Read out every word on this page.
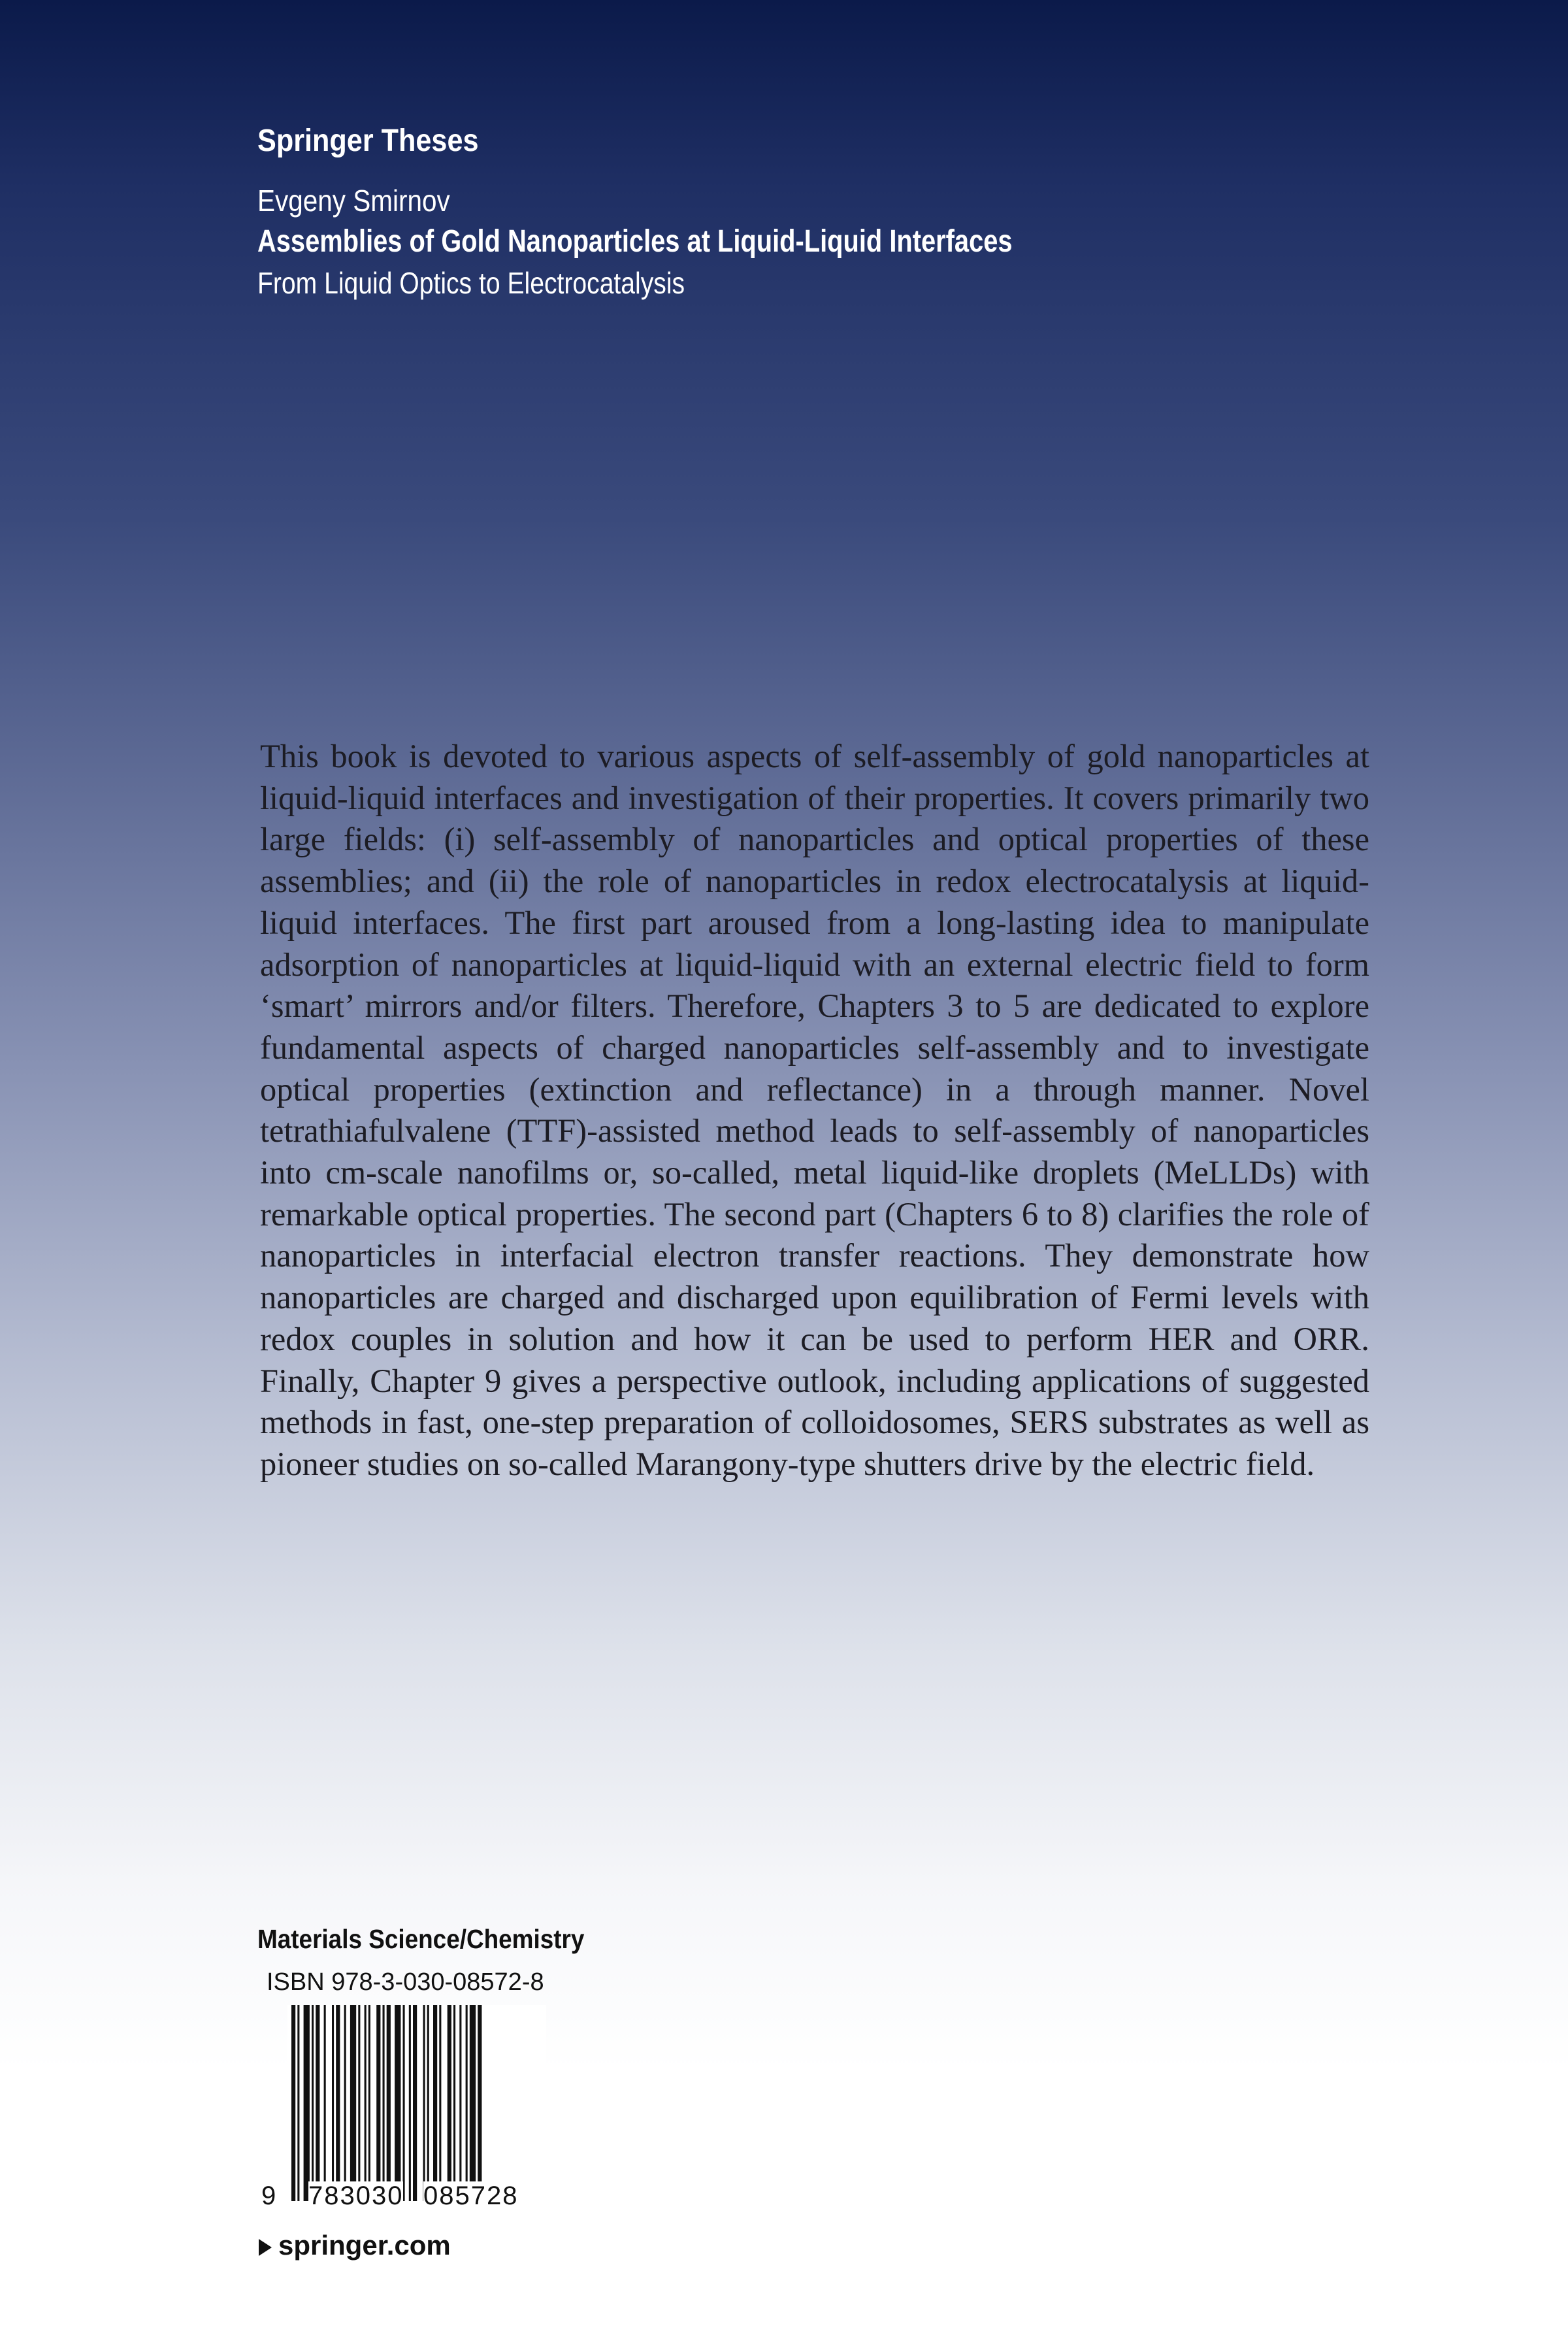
Springer Theses
Evgeny Smirnov
Assemblies of Gold Nanoparticles at Liquid-Liquid Interfaces
From Liquid Optics to Electrocatalysis
This book is devoted to various aspects of self-assembly of gold nanoparticles at liquid-liquid interfaces and investigation of their properties. It covers primarily two large fields: (i) self-assembly of nanoparticles and optical properties of these assemblies; and (ii) the role of nanoparticles in redox electrocatalysis at liquid-liquid interfaces. The first part aroused from a long-lasting idea to manipulate adsorption of nanoparticles at liquid-liquid with an external electric field to form ‘smart’ mirrors and/or filters. Therefore, Chapters 3 to 5 are dedicated to explore fundamental aspects of charged nanoparticles self-assembly and to investigate optical properties (extinction and reflectance) in a through manner. Novel tetrathiafulvalene (TTF)-assisted method leads to self-assembly of nanoparticles into cm-scale nanofilms or, so-called, metal liquid-like droplets (MeLLDs) with remarkable optical properties. The second part (Chapters 6 to 8) clarifies the role of nanoparticles in interfacial electron transfer reactions. They demonstrate how nanoparticles are charged and discharged upon equilibration of Fermi levels with redox couples in solution and how it can be used to perform HER and ORR. Finally, Chapter 9 gives a perspective outlook, including applications of suggested methods in fast, one-step preparation of colloidosomes, SERS substrates as well as pioneer studies on so-called Marangony-type shutters drive by the electric field.
Materials Science/Chemistry
ISBN 978-3-030-08572-8
9 783030 085728
springer.com
